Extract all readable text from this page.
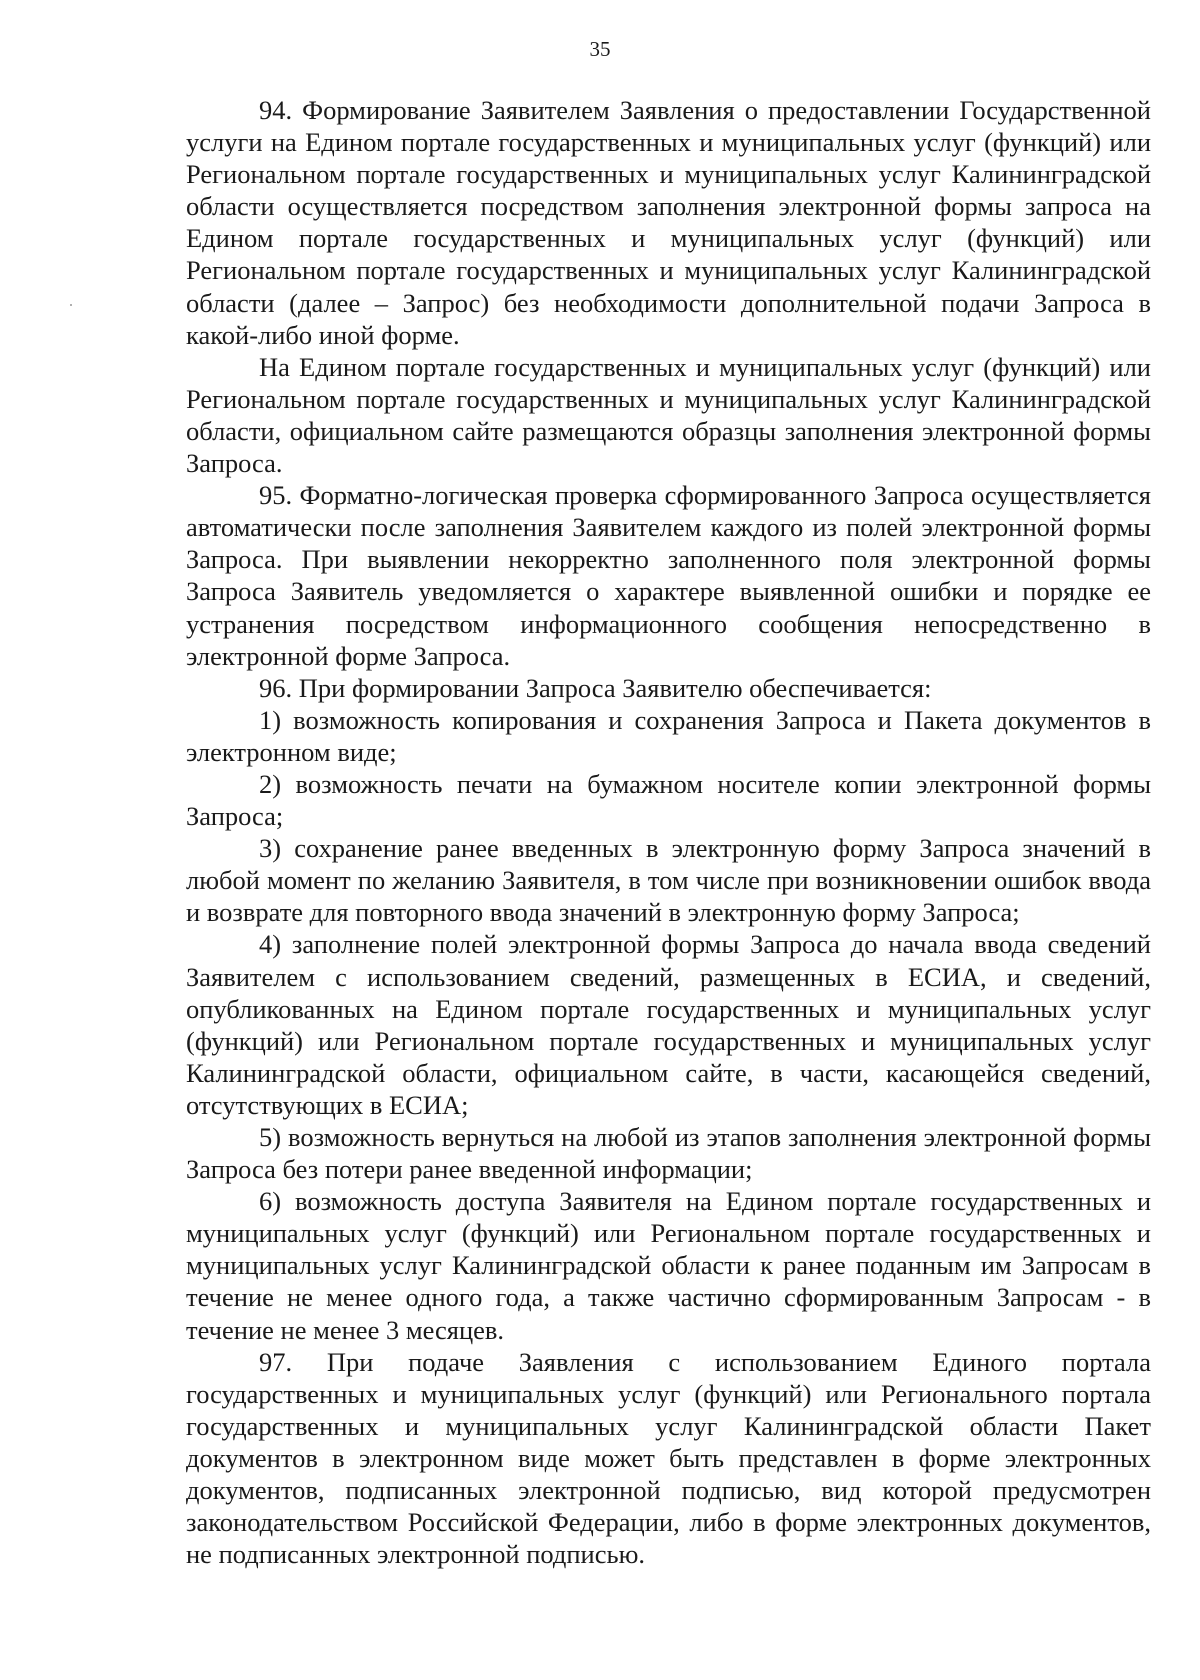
35

94. Формирование Заявителем Заявления о предоставлении Государственной услуги на Едином портале государственных и муниципальных услуг (функций) или Региональном портале государственных и муниципальных услуг Калининградской области осуществляется посредством заполнения электронной формы запроса на Едином портале государственных и муниципальных услуг (функций) или Региональном портале государственных и муниципальных услуг Калининградской области (далее – Запрос) без необходимости дополнительной подачи Запроса в какой-либо иной форме.

На Едином портале государственных и муниципальных услуг (функций) или Региональном портале государственных и муниципальных услуг Калининградской области, официальном сайте размещаются образцы заполнения электронной формы Запроса.

95. Форматно-логическая проверка сформированного Запроса осуществляется автоматически после заполнения Заявителем каждого из полей электронной формы Запроса. При выявлении некорректно заполненного поля электронной формы Запроса Заявитель уведомляется о характере выявленной ошибки и порядке ее устранения посредством информационного сообщения непосредственно в электронной форме Запроса.

96. При формировании Запроса Заявителю обеспечивается:

1) возможность копирования и сохранения Запроса и Пакета документов в электронном виде;

2) возможность печати на бумажном носителе копии электронной формы Запроса;

3) сохранение ранее введенных в электронную форму Запроса значений в любой момент по желанию Заявителя, в том числе при возникновении ошибок ввода и возврате для повторного ввода значений в электронную форму Запроса;

4) заполнение полей электронной формы Запроса до начала ввода сведений Заявителем с использованием сведений, размещенных в ЕСИА, и сведений, опубликованных на Едином портале государственных и муниципальных услуг (функций) или Региональном портале государственных и муниципальных услуг Калининградской области, официальном сайте, в части, касающейся сведений, отсутствующих в ЕСИА;

5) возможность вернуться на любой из этапов заполнения электронной формы Запроса без потери ранее введенной информации;

6) возможность доступа Заявителя на Едином портале государственных и муниципальных услуг (функций) или Региональном портале государственных и муниципальных услуг Калининградской области к ранее поданным им Запросам в течение не менее одного года, а также частично сформированным Запросам - в течение не менее 3 месяцев.

97. При подаче Заявления с использованием Единого портала государственных и муниципальных услуг (функций) или Регионального портала государственных и муниципальных услуг Калининградской области Пакет документов в электронном виде может быть представлен в форме электронных документов, подписанных электронной подписью, вид которой предусмотрен законодательством Российской Федерации, либо в форме электронных документов, не подписанных электронной подписью.
